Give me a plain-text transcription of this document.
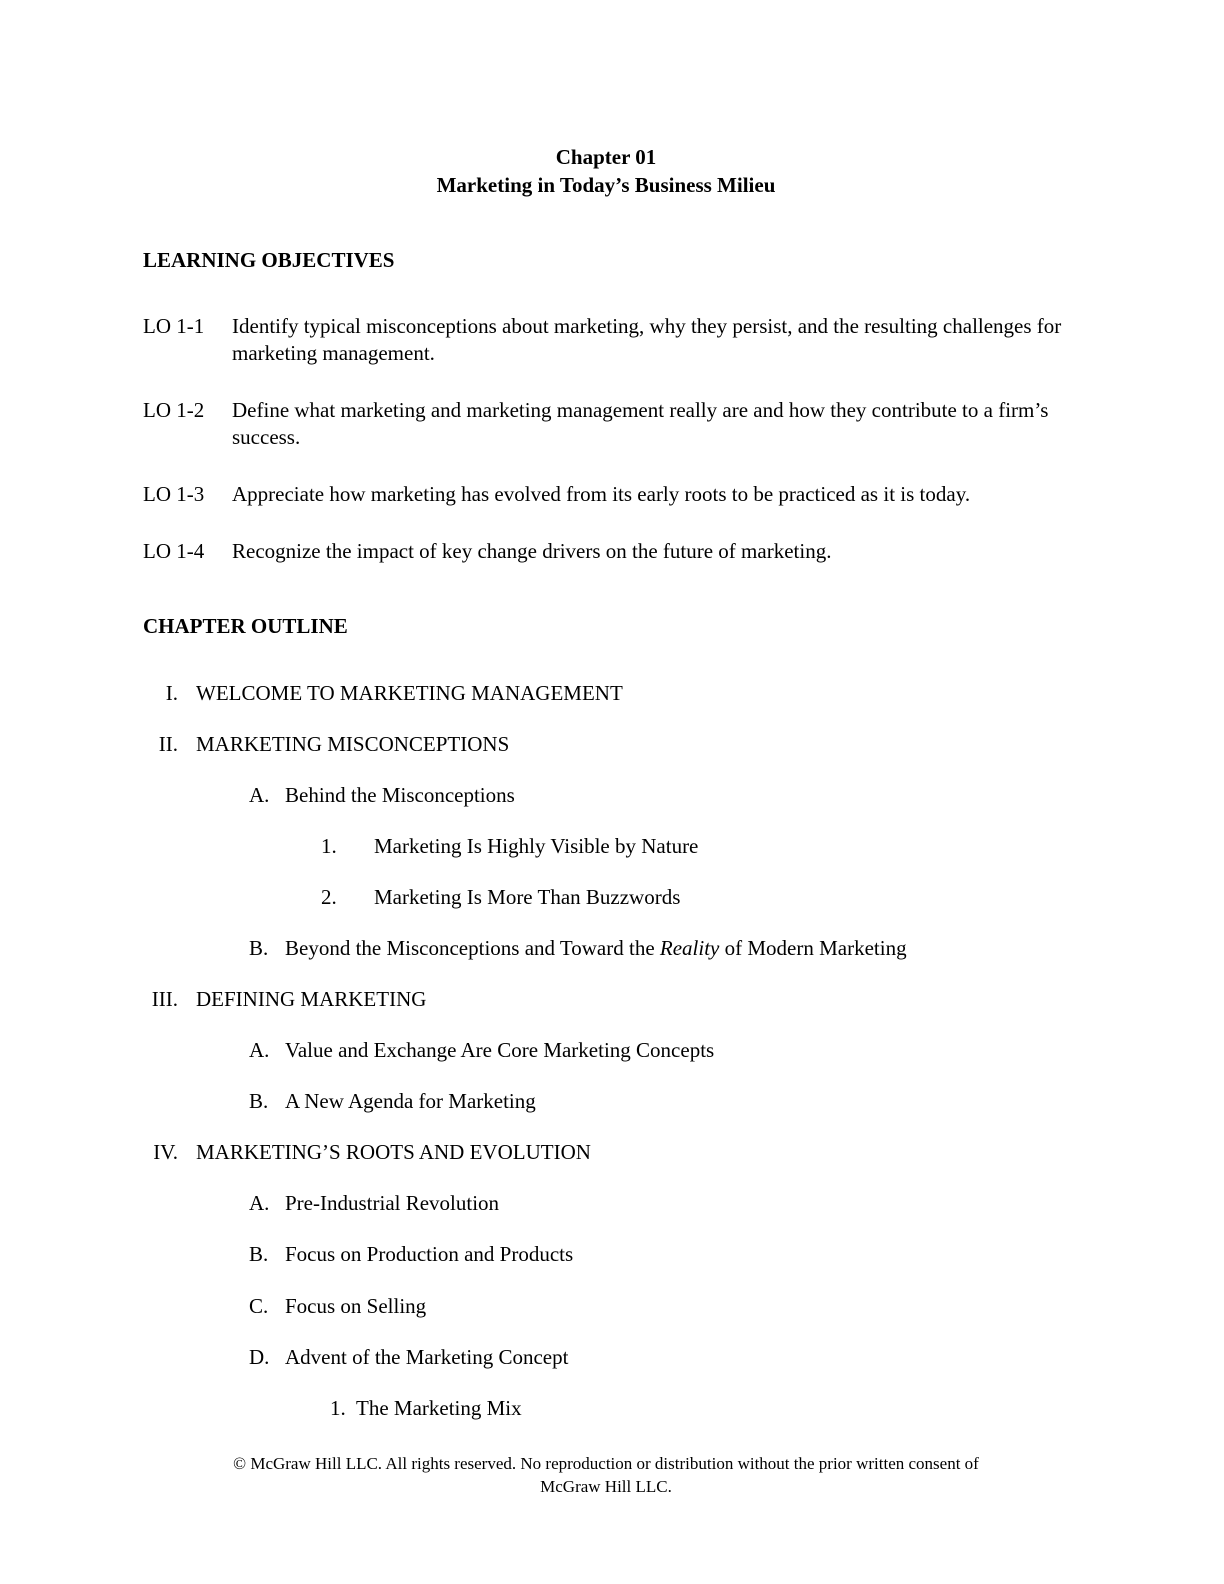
Chapter 01
Marketing in Today’s Business Milieu
LEARNING OBJECTIVES
LO 1-1 Identify typical misconceptions about marketing, why they persist, and the resulting challenges for marketing management.
LO 1-2 Define what marketing and marketing management really are and how they contribute to a firm’s success.
LO 1-3 Appreciate how marketing has evolved from its early roots to be practiced as it is today.
LO 1-4 Recognize the impact of key change drivers on the future of marketing.
CHAPTER OUTLINE
I. WELCOME TO MARKETING MANAGEMENT
II. MARKETING MISCONCEPTIONS
A. Behind the Misconceptions
1. Marketing Is Highly Visible by Nature
2. Marketing Is More Than Buzzwords
B. Beyond the Misconceptions and Toward the Reality of Modern Marketing
III. DEFINING MARKETING
A. Value and Exchange Are Core Marketing Concepts
B. A New Agenda for Marketing
IV. MARKETING’S ROOTS AND EVOLUTION
A. Pre-Industrial Revolution
B. Focus on Production and Products
C. Focus on Selling
D. Advent of the Marketing Concept
1. The Marketing Mix
© McGraw Hill LLC. All rights reserved. No reproduction or distribution without the prior written consent of
McGraw Hill LLC.
